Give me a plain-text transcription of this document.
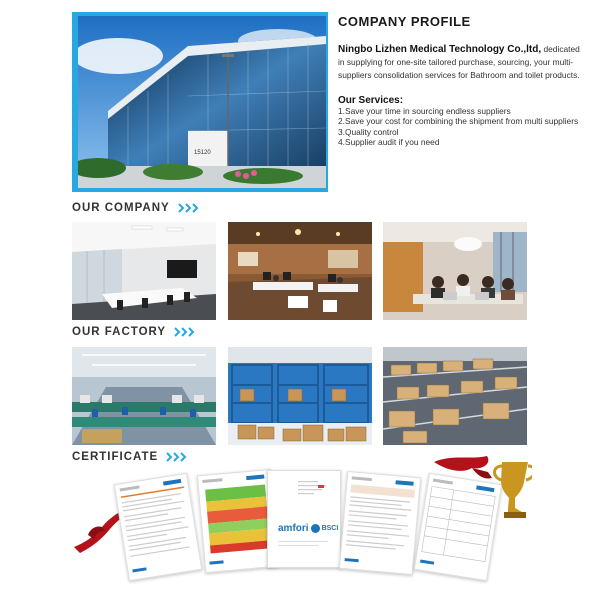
15120
COMPANY PROFILE
Ningbo Lizhen Medical Technology Co.,ltd, dedicated in supplying for one-site tailored purchase, sourcing, your multi-suppliers consolidation services for Bathroom and toilet products.
Our Services:
1.Save your time in sourcing endless suppliers
2.Save your cost for combining the shipment from multi suppliers
3.Quality control
4.Supplier audit if you need
OUR COMPANY
OUR FACTORY
CERTIFICATE
amfori BSCI
